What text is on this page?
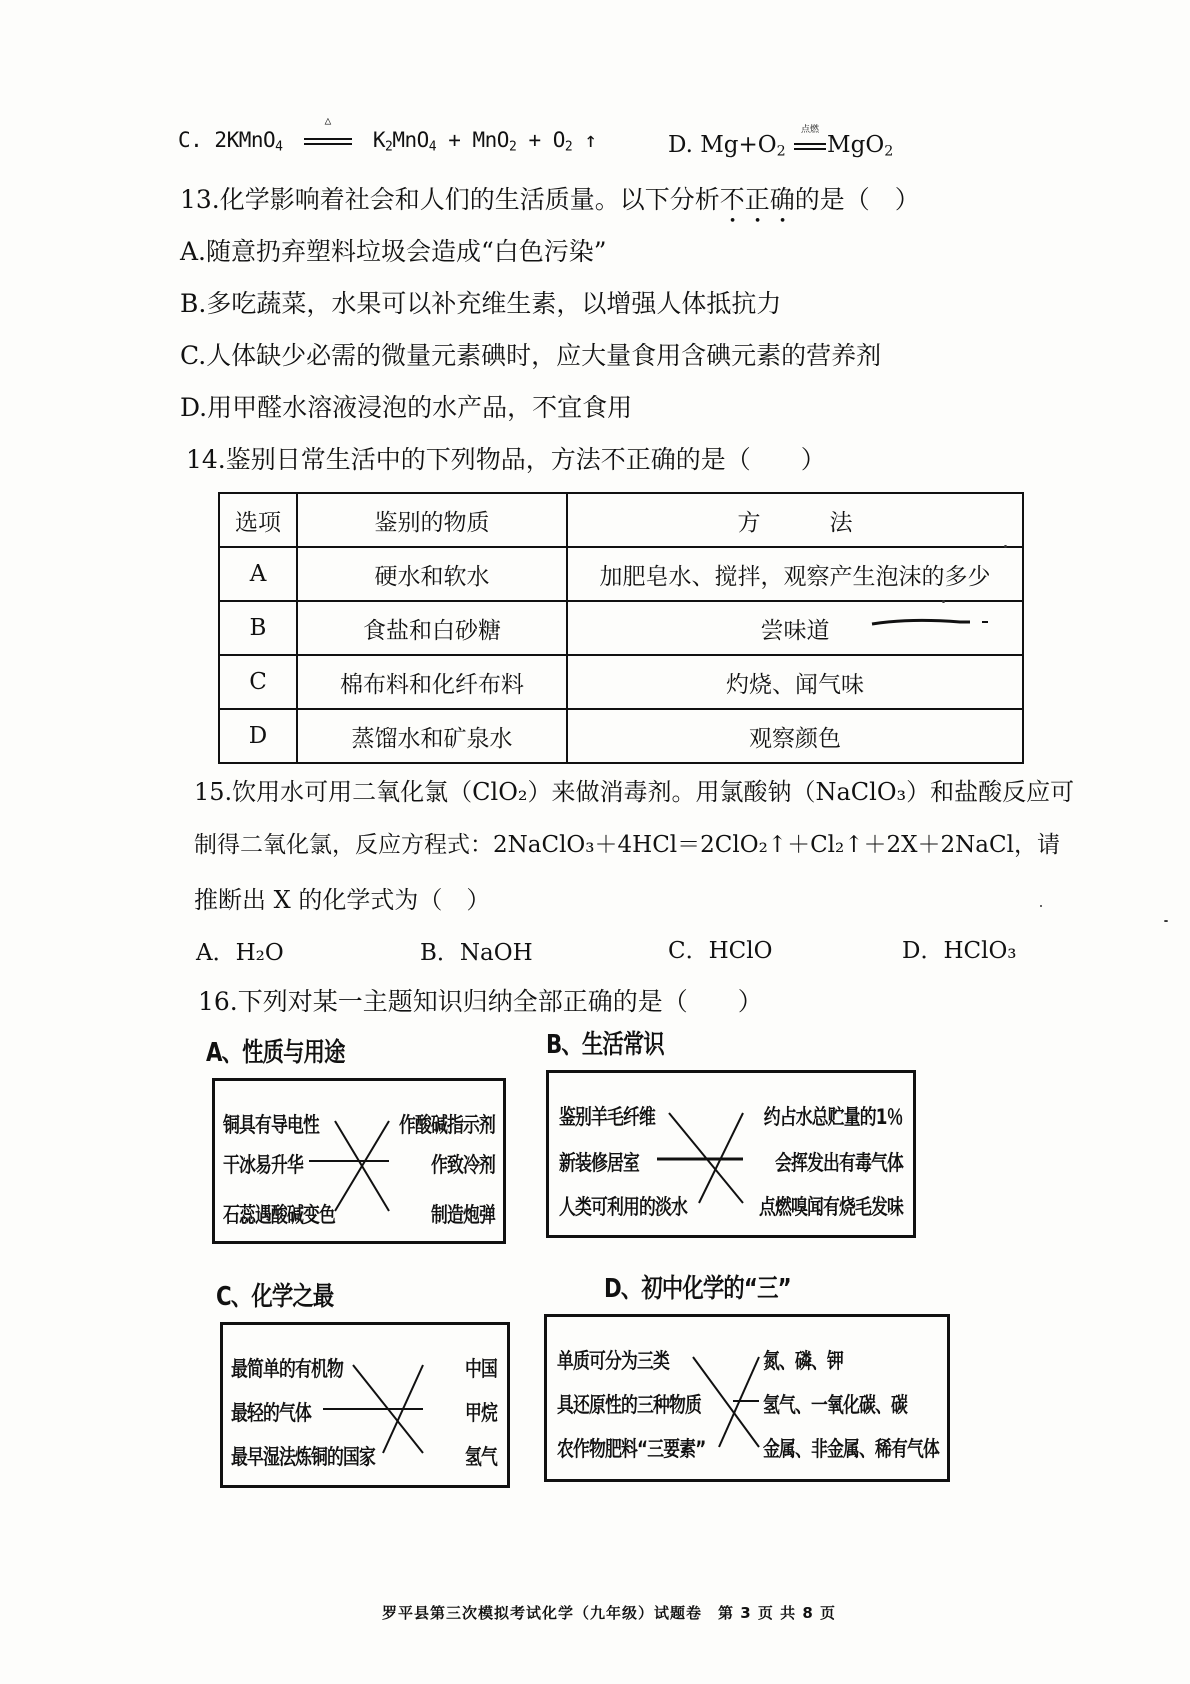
C. 2KMnO$_4$
△
$K_2MnO_4 + MnO_2 + O_2$ ↑	D. $Mg+O_2$
点燃
MgO$_2$
13.化学影响着社会和人们的生活质量。以下分析不正确的是（　）
A.随意扔弃塑料垃圾会造成“白色污染”
B.多吃蔬菜，水果可以补充维生素，以增强人体抵抗力
C.人体缺少必需的微量元素碘时，应大量食用含碘元素的营养剂
D.用甲醛水溶液浸泡的水产品，不宜食用
14.鉴别日常生活中的下列物品，方法不正确的是（　　）
选项	鉴别的物质	方　　　法
A	硬水和软水	加肥皂水、搅拌，观察产生泡沫的多少
B	食盐和白砂糖	尝味道
C	棉布料和化纤布料	灼烧、闻气味
D	蒸馏水和矿泉水	观察颜色
15.饮用水可用二氧化氯（ClO₂）来做消毒剂。用氯酸钠（NaClO₃）和盐酸反应可
制得二氧化氯，反应方程式：2NaClO₃＋4HCl＝2ClO₂↑＋Cl₂↑＋2X＋2NaCl，请
推断出 X 的化学式为（　）
A．H₂O	B．NaOH	C．HClO	D．HClO₃
16.下列对某一主题知识归纳全部正确的是（　　）
A、性质与用途
铜具有导电性
干冰易升华
石蕊遇酸碱变色
作酸碱指示剂
作致冷剂
制造炮弹
B、生活常识
鉴别羊毛纤维
新装修居室
人类可利用的淡水
约占水总贮量的1％
会挥发出有毒气体
点燃嗅闻有烧毛发味
C、化学之最
最简单的有机物
最轻的气体
最早湿法炼铜的国家
中国
甲烷
氢气
D、初中化学的“三”
单质可分为三类
具还原性的三种物质
农作物肥料“三要素”
氮、磷、钾
氢气、一氧化碳、碳
金属、非金属、稀有气体
罗平县第三次模拟考试化学（九年级）试题卷　第 3 页 共 8 页
